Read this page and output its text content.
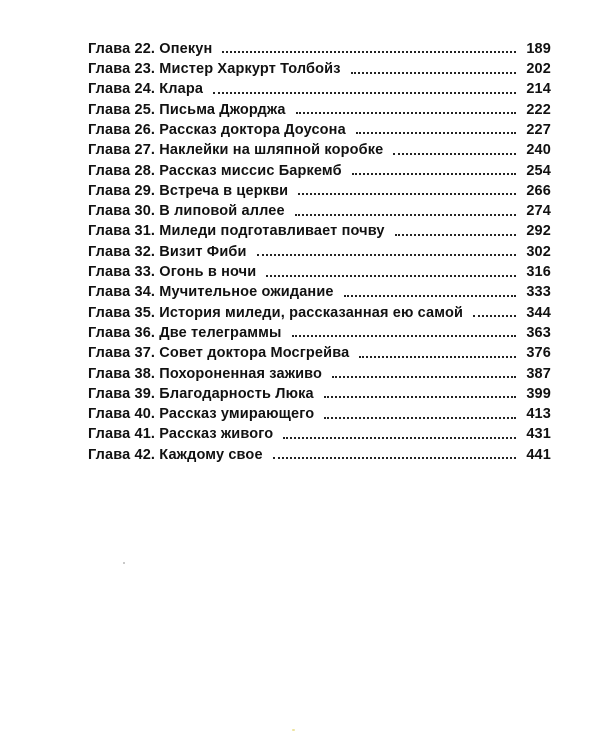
Глава 22. Опекун	189
Глава 23. Мистер Харкурт Толбойз	202
Глава 24. Клара	214
Глава 25. Письма Джорджа	222
Глава 26. Рассказ доктора Доусона	227
Глава 27. Наклейки на шляпной коробке	240
Глава 28. Рассказ миссис Баркемб	254
Глава 29. Встреча в церкви	266
Глава 30. В липовой аллее	274
Глава 31. Миледи подготавливает почву	292
Глава 32. Визит Фиби	302
Глава 33. Огонь в ночи	316
Глава 34. Мучительное ожидание	333
Глава 35. История миледи, рассказанная ею самой	344
Глава 36. Две телеграммы	363
Глава 37. Совет доктора Мосгрейва	376
Глава 38. Похороненная заживо	387
Глава 39. Благодарность Люка	399
Глава 40. Рассказ умирающего	413
Глава 41. Рассказ живого	431
Глава 42. Каждому свое	441
